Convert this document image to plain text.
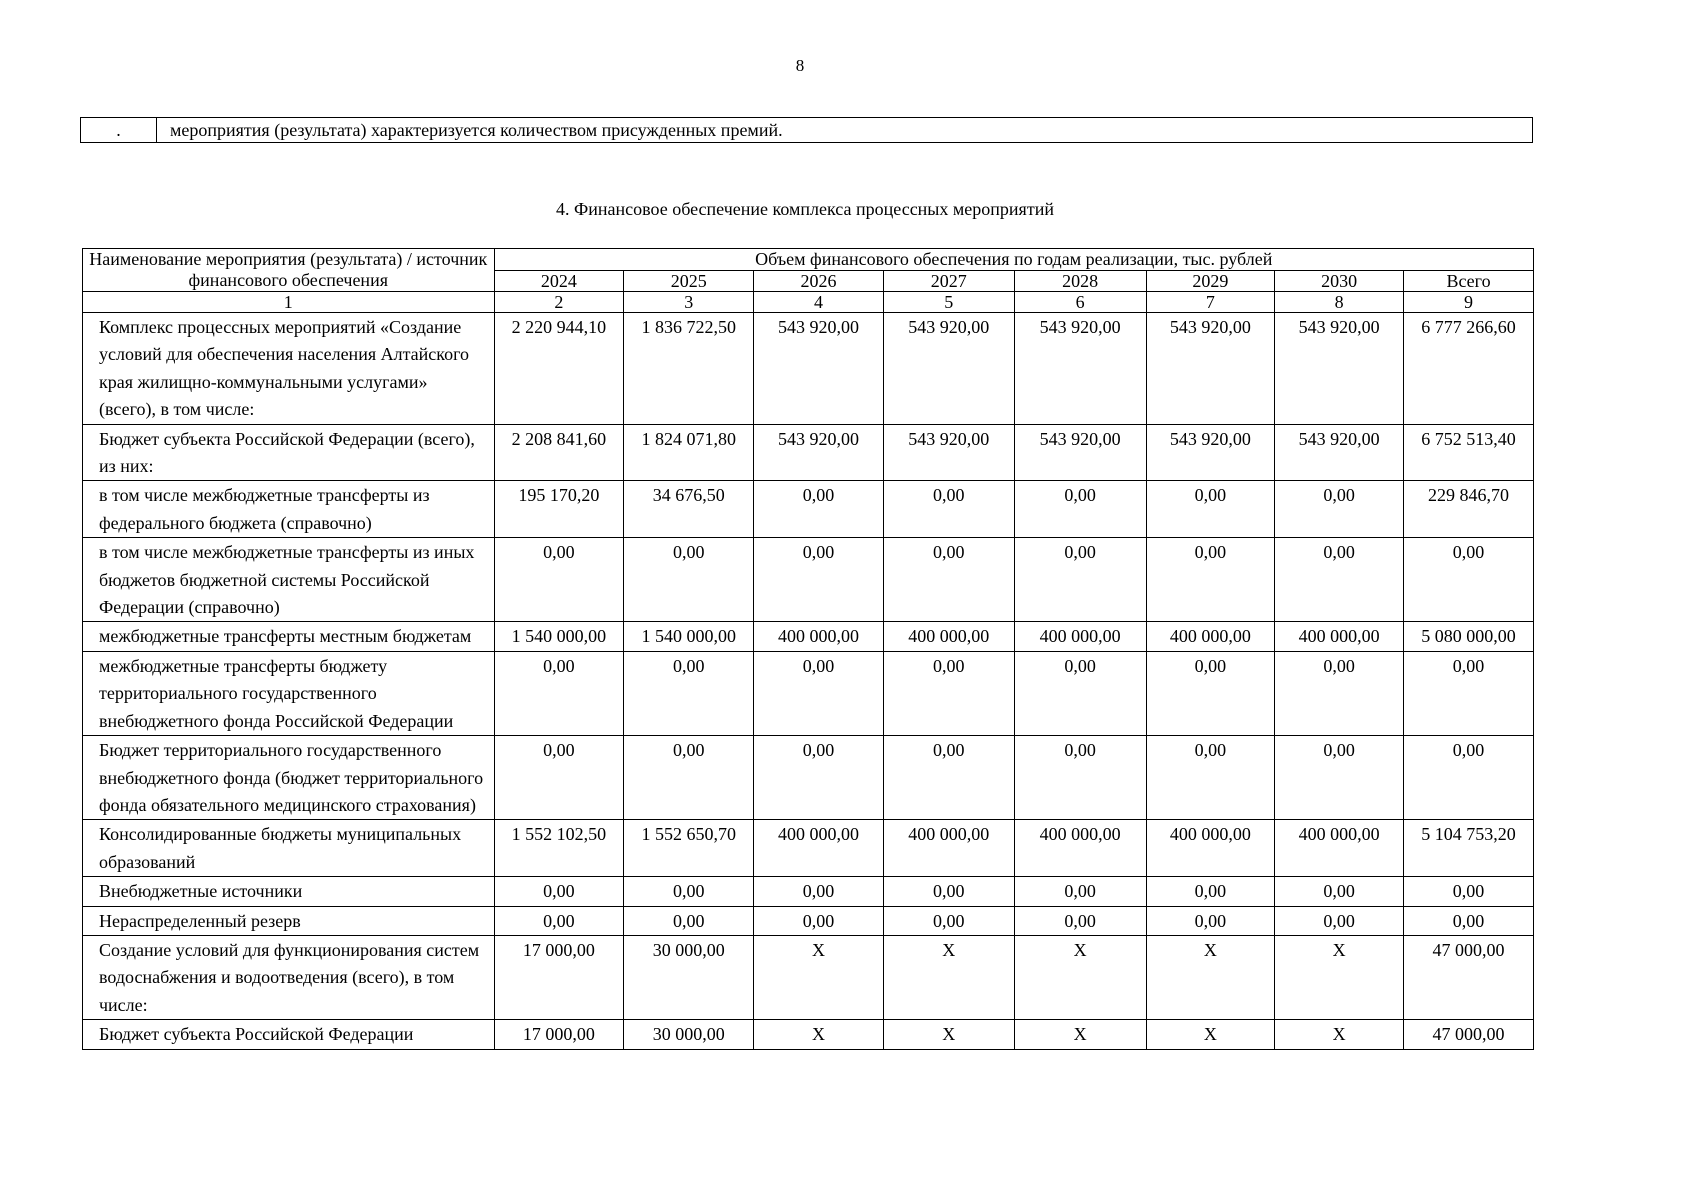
8
.	мероприятия (результата) характеризуется количеством присужденных премий.
4. Финансовое обеспечение комплекса процессных мероприятий
Наименование мероприятия (результата) / источник финансового обеспечения	Объем финансового обеспечения по годам реализации, тыс. рублей							
	2024	2025	2026	2027	2028	2029	2030	Всего
1	2	3	4	5	6	7	8	9
Комплекс процессных мероприятий «Создание условий для обеспечения населения Алтайского края жилищно-коммунальными услугами» (всего), в том числе:	2 220 944,10	1 836 722,50	543 920,00	543 920,00	543 920,00	543 920,00	543 920,00	6 777 266,60
Бюджет субъекта Российской Федерации (всего), из них:	2 208 841,60	1 824 071,80	543 920,00	543 920,00	543 920,00	543 920,00	543 920,00	6 752 513,40
в том числе межбюджетные трансферты из федерального бюджета (справочно)	195 170,20	34 676,50	0,00	0,00	0,00	0,00	0,00	229 846,70
в том числе межбюджетные трансферты из иных бюджетов бюджетной системы Российской Федерации (справочно)	0,00	0,00	0,00	0,00	0,00	0,00	0,00	0,00
межбюджетные трансферты местным бюджетам	1 540 000,00	1 540 000,00	400 000,00	400 000,00	400 000,00	400 000,00	400 000,00	5 080 000,00
межбюджетные трансферты бюджету территориального государственного внебюджетного фонда Российской Федерации	0,00	0,00	0,00	0,00	0,00	0,00	0,00	0,00
Бюджет территориального государственного внебюджетного фонда (бюджет территориального фонда обязательного медицинского страхования)	0,00	0,00	0,00	0,00	0,00	0,00	0,00	0,00
Консолидированные бюджеты муниципальных образований	1 552 102,50	1 552 650,70	400 000,00	400 000,00	400 000,00	400 000,00	400 000,00	5 104 753,20
Внебюджетные источники	0,00	0,00	0,00	0,00	0,00	0,00	0,00	0,00
Нераспределенный резерв	0,00	0,00	0,00	0,00	0,00	0,00	0,00	0,00
Создание условий для функционирования систем водоснабжения и водоотведения (всего), в том числе:	17 000,00	30 000,00	X	X	X	X	X	47 000,00
Бюджет субъекта Российской Федерации	17 000,00	30 000,00	X	X	X	X	X	47 000,00
